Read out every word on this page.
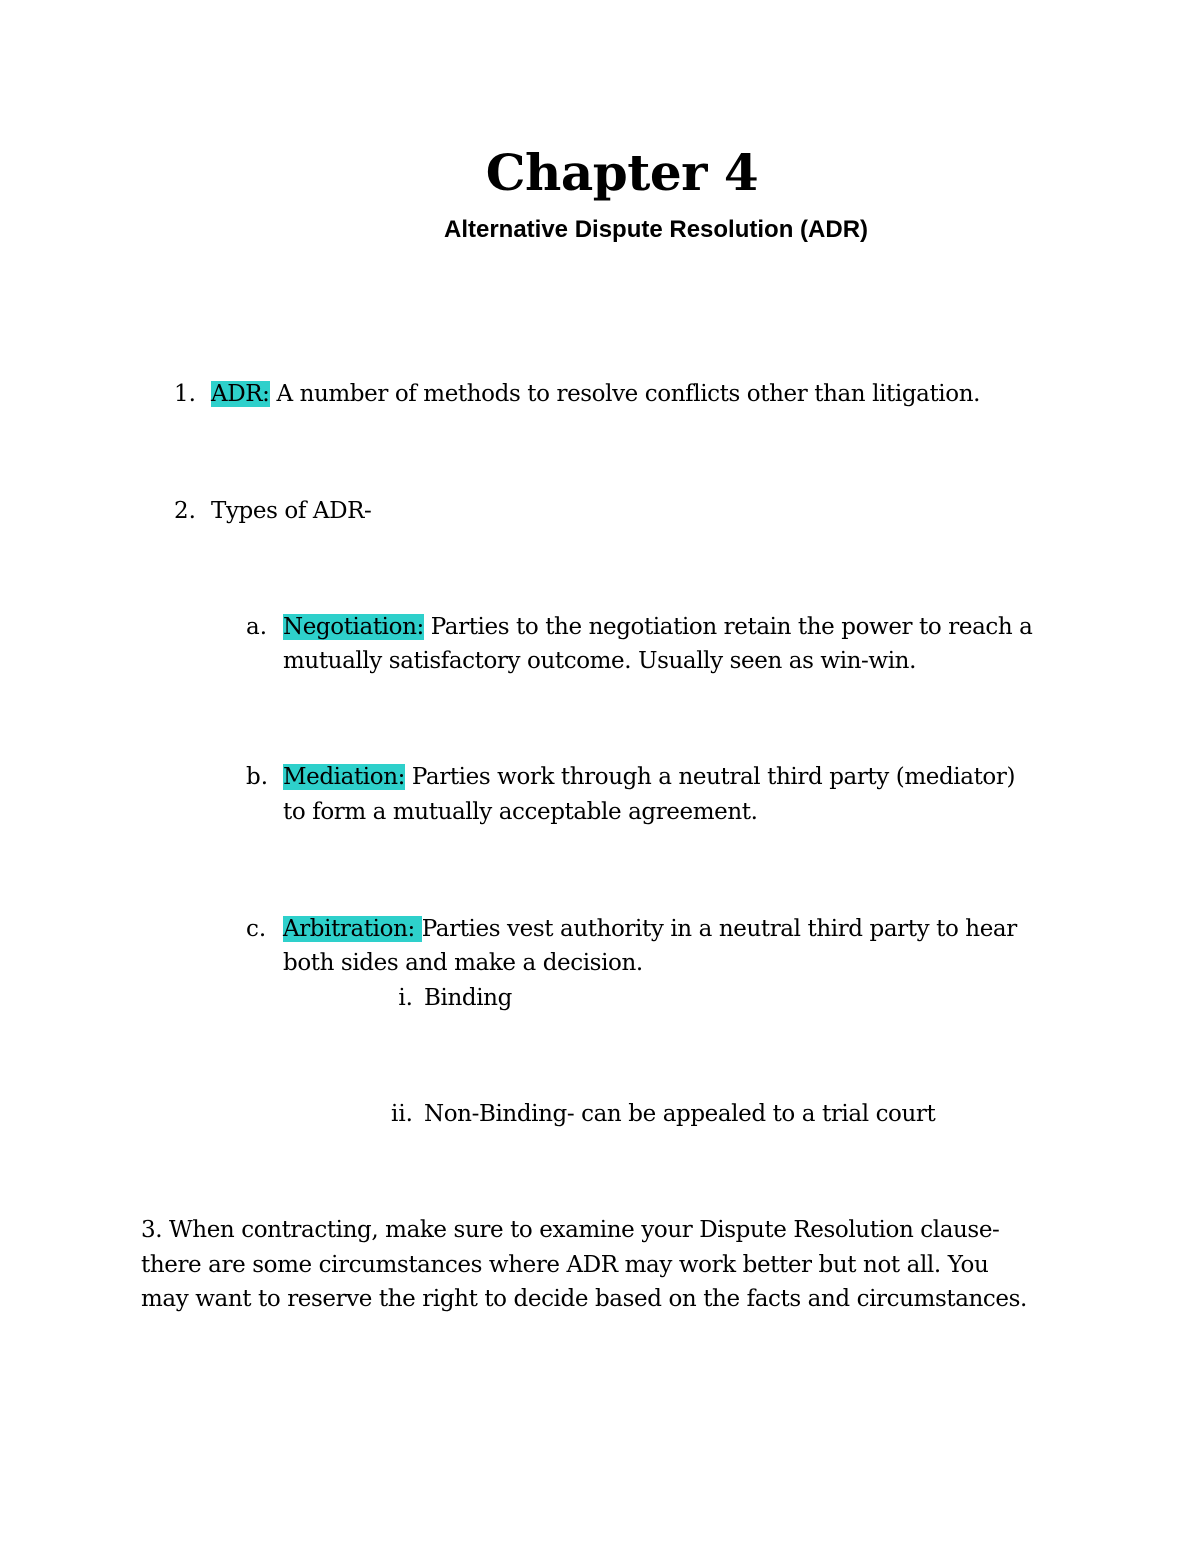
Chapter 4
Alternative Dispute Resolution (ADR)
1. ADR: A number of methods to resolve conflicts other than litigation.
2. Types of ADR-
a. Negotiation: Parties to the negotiation retain the power to reach a
mutually satisfactory outcome. Usually seen as win-win.
b. Mediation: Parties work through a neutral third party (mediator)
to form a mutually acceptable agreement.
c. Arbitration: Parties vest authority in a neutral third party to hear
both sides and make a decision.
i. Binding
ii. Non-Binding- can be appealed to a trial court
3. When contracting, make sure to examine your Dispute Resolution clause-
there are some circumstances where ADR may work better but not all. You
may want to reserve the right to decide based on the facts and circumstances.
